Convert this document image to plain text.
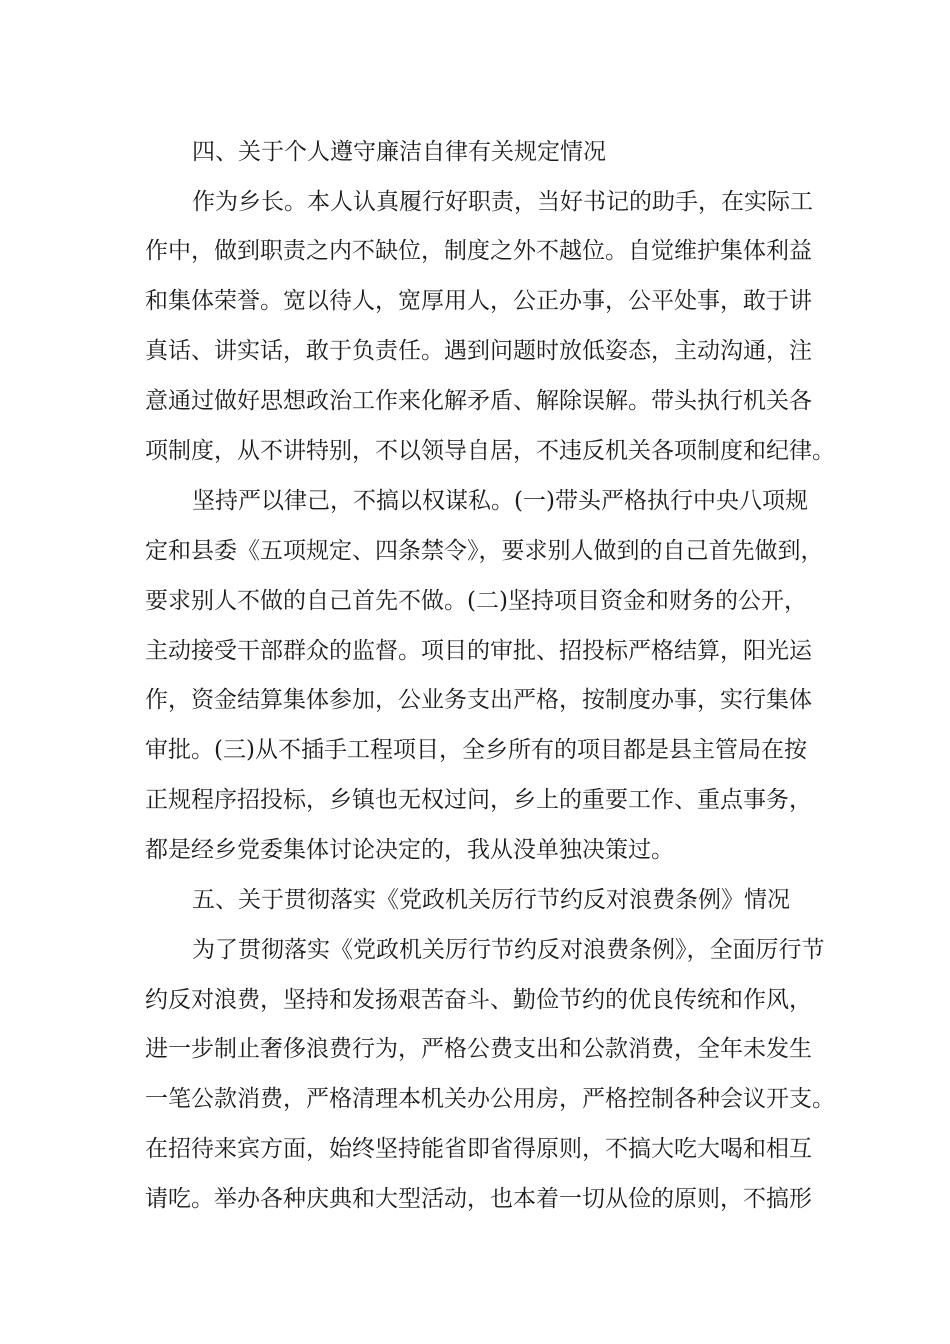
四、关于个人遵守廉洁自律有关规定情况
作为乡长。本人认真履行好职责，当好书记的助手，在实际工
作中，做到职责之内不缺位，制度之外不越位。自觉维护集体利益
和集体荣誉。宽以待人，宽厚用人，公正办事，公平处事，敢于讲
真话、讲实话，敢于负责任。遇到问题时放低姿态，主动沟通，注
意通过做好思想政治工作来化解矛盾、解除误解。带头执行机关各
项制度，从不讲特别，不以领导自居，不违反机关各项制度和纪律。
坚持严以律己，不搞以权谋私。(一)带头严格执行中央八项规
定和县委《五项规定、四条禁令》，要求别人做到的自己首先做到，
要求别人不做的自己首先不做。(二)坚持项目资金和财务的公开，
主动接受干部群众的监督。项目的审批、招投标严格结算，阳光运
作，资金结算集体参加，公业务支出严格，按制度办事，实行集体
审批。(三)从不插手工程项目，全乡所有的项目都是县主管局在按
正规程序招投标，乡镇也无权过问，乡上的重要工作、重点事务，
都是经乡党委集体讨论决定的，我从没单独决策过。
五、关于贯彻落实《党政机关厉行节约反对浪费条例》情况
为了贯彻落实《党政机关厉行节约反对浪费条例》，全面厉行节
约反对浪费，坚持和发扬艰苦奋斗、勤俭节约的优良传统和作风，
进一步制止奢侈浪费行为，严格公费支出和公款消费，全年未发生
一笔公款消费，严格清理本机关办公用房，严格控制各种会议开支。
在招待来宾方面，始终坚持能省即省得原则，不搞大吃大喝和相互
请吃。举办各种庆典和大型活动，也本着一切从俭的原则，不搞形
